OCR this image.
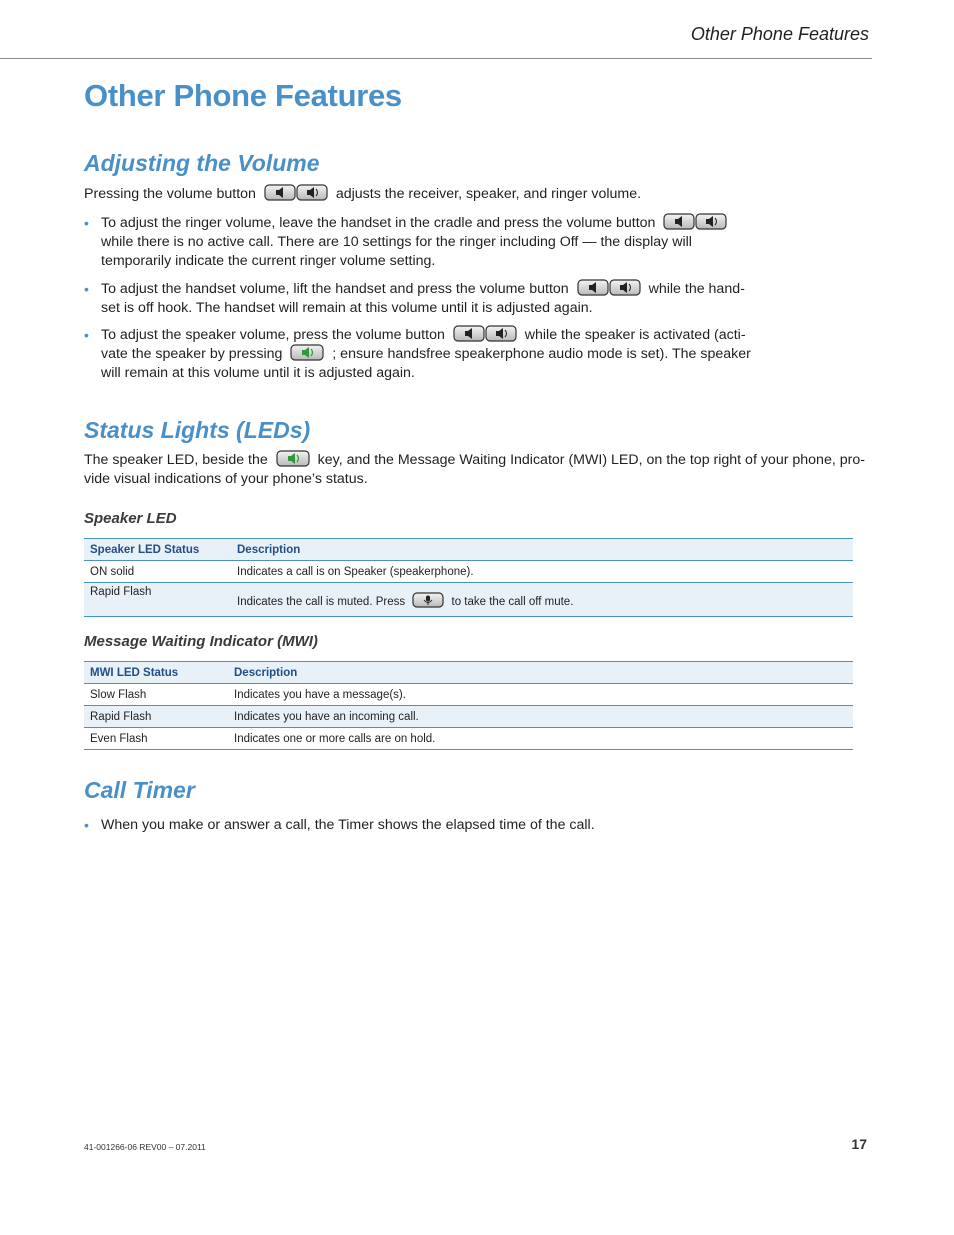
Other Phone Features
Other Phone Features
Adjusting the Volume
Pressing the volume button	adjusts the receiver, speaker, and ringer volume.
• To adjust the ringer volume, leave the handset in the cradle and press the volume button
while there is no active call. There are 10 settings for the ringer including Off — the display will
temporarily indicate the current ringer volume setting.
• To adjust the handset volume, lift the handset and press the volume button	while the hand-
set is off hook. The handset will remain at this volume until it is adjusted again.
• To adjust the speaker volume, press the volume button	while the speaker is activated (acti-
vate the speaker by pressing	; ensure handsfree speakerphone audio mode is set). The speaker
will remain at this volume until it is adjusted again.
Status Lights (LEDs)
The speaker LED, beside the	key, and the Message Waiting Indicator (MWI) LED, on the top right of your phone, pro-
vide visual indications of your phone’s status.
Speaker LED
Speaker LED Status	Description
ON solid	Indicates a call is on Speaker (speakerphone).
Rapid Flash	Indicates the call is muted. Press to take the call off mute.
Message Waiting Indicator (MWI)
MWI LED Status	Description
Slow Flash	Indicates you have a message(s).
Rapid Flash	Indicates you have an incoming call.
Even Flash	Indicates one or more calls are on hold.
Call Timer
• When you make or answer a call, the Timer shows the elapsed time of the call.
41-001266-06 REV00 – 07.2011	17
